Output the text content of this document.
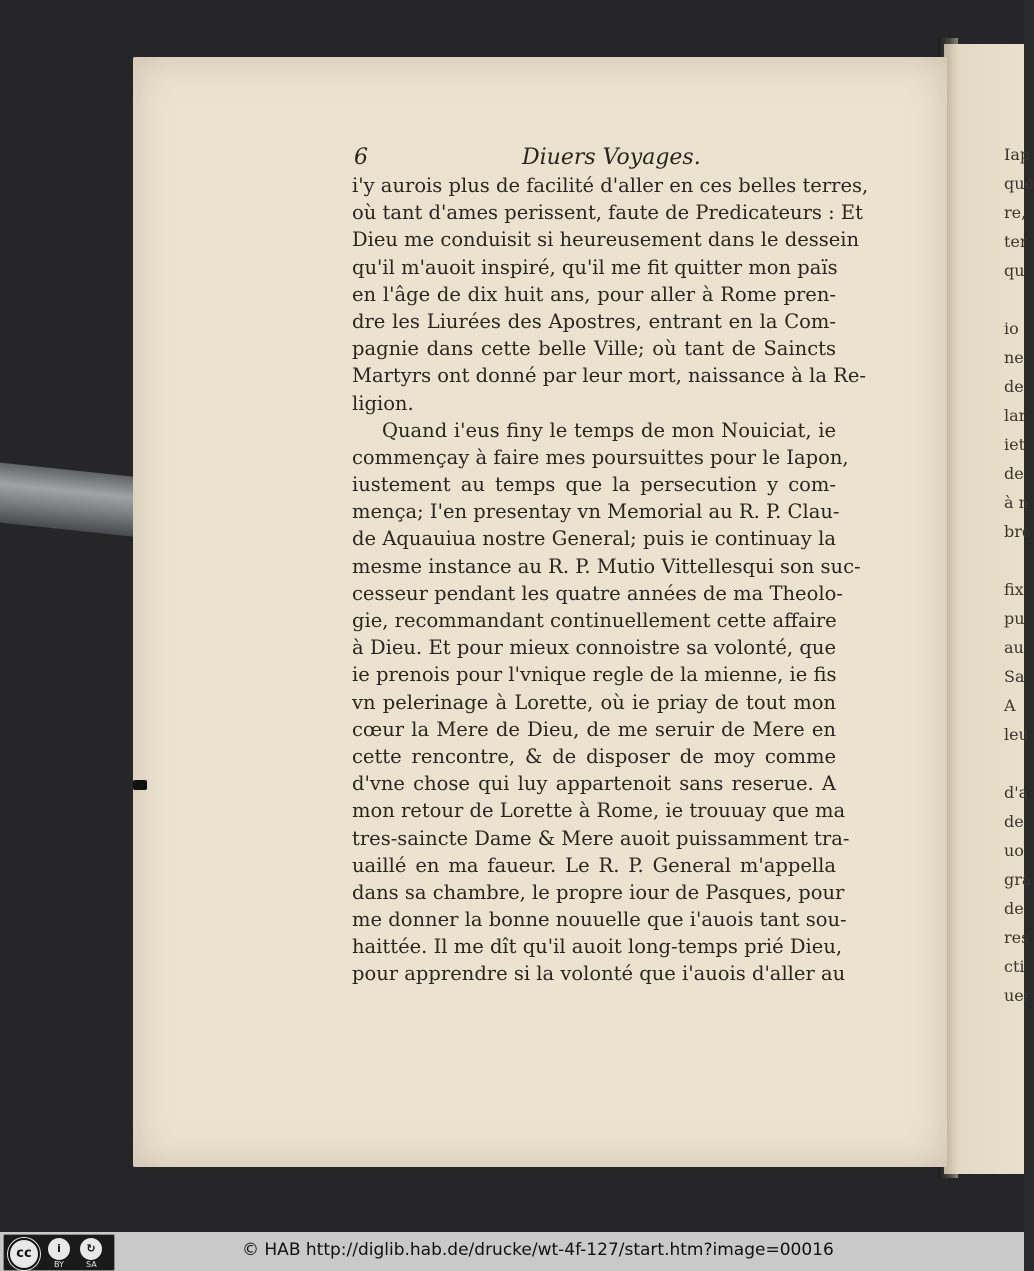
Iap
que
re,
ter
qu
io
ne
de
lar
iet
de
à n
bre
fix
pu
au
Sa
A
leu
d'a
de
uo
gra
de
res
cti
uer
6	Diuers Voyages.
i'y aurois plus de facilité d'aller en ces belles terres,
où tant d'ames perissent, faute de Predicateurs : Et
Dieu me conduisit si heureusement dans le dessein
qu'il m'auoit inspiré, qu'il me fit quitter mon païs
en l'âge de dix huit ans, pour aller à Rome pren-
dre les Liurées des Apostres, entrant en la Com-
pagnie dans cette belle Ville; où tant de Saincts
Martyrs ont donné par leur mort, naissance à la Re-
ligion.
Quand i'eus finy le temps de mon Nouiciat, ie
commençay à faire mes poursuittes pour le Iapon,
iustement au temps que la persecution y com-
mença; I'en presentay vn Memorial au R. P. Clau-
de Aquauiua nostre General; puis ie continuay la
mesme instance au R. P. Mutio Vittellesqui son suc-
cesseur pendant les quatre années de ma Theolo-
gie, recommandant continuellement cette affaire
à Dieu. Et pour mieux connoistre sa volonté, que
ie prenois pour l'vnique regle de la mienne, ie fis
vn pelerinage à Lorette, où ie priay de tout mon
cœur la Mere de Dieu, de me seruir de Mere en
cette rencontre, & de disposer de moy comme
d'vne chose qui luy appartenoit sans reserue. A
mon retour de Lorette à Rome, ie trouuay que ma
tres-saincte Dame & Mere auoit puissamment tra-
uaillé en ma faueur. Le R. P. General m'appella
dans sa chambre, le propre iour de Pasques, pour
me donner la bonne nouuelle que i'auois tant sou-
haittée. Il me dît qu'il auoit long-temps prié Dieu,
pour apprendre si la volonté que i'auois d'aller au
cc	i	↻
BY	SA
© HAB http://diglib.hab.de/drucke/wt-4f-127/start.htm?image=00016
